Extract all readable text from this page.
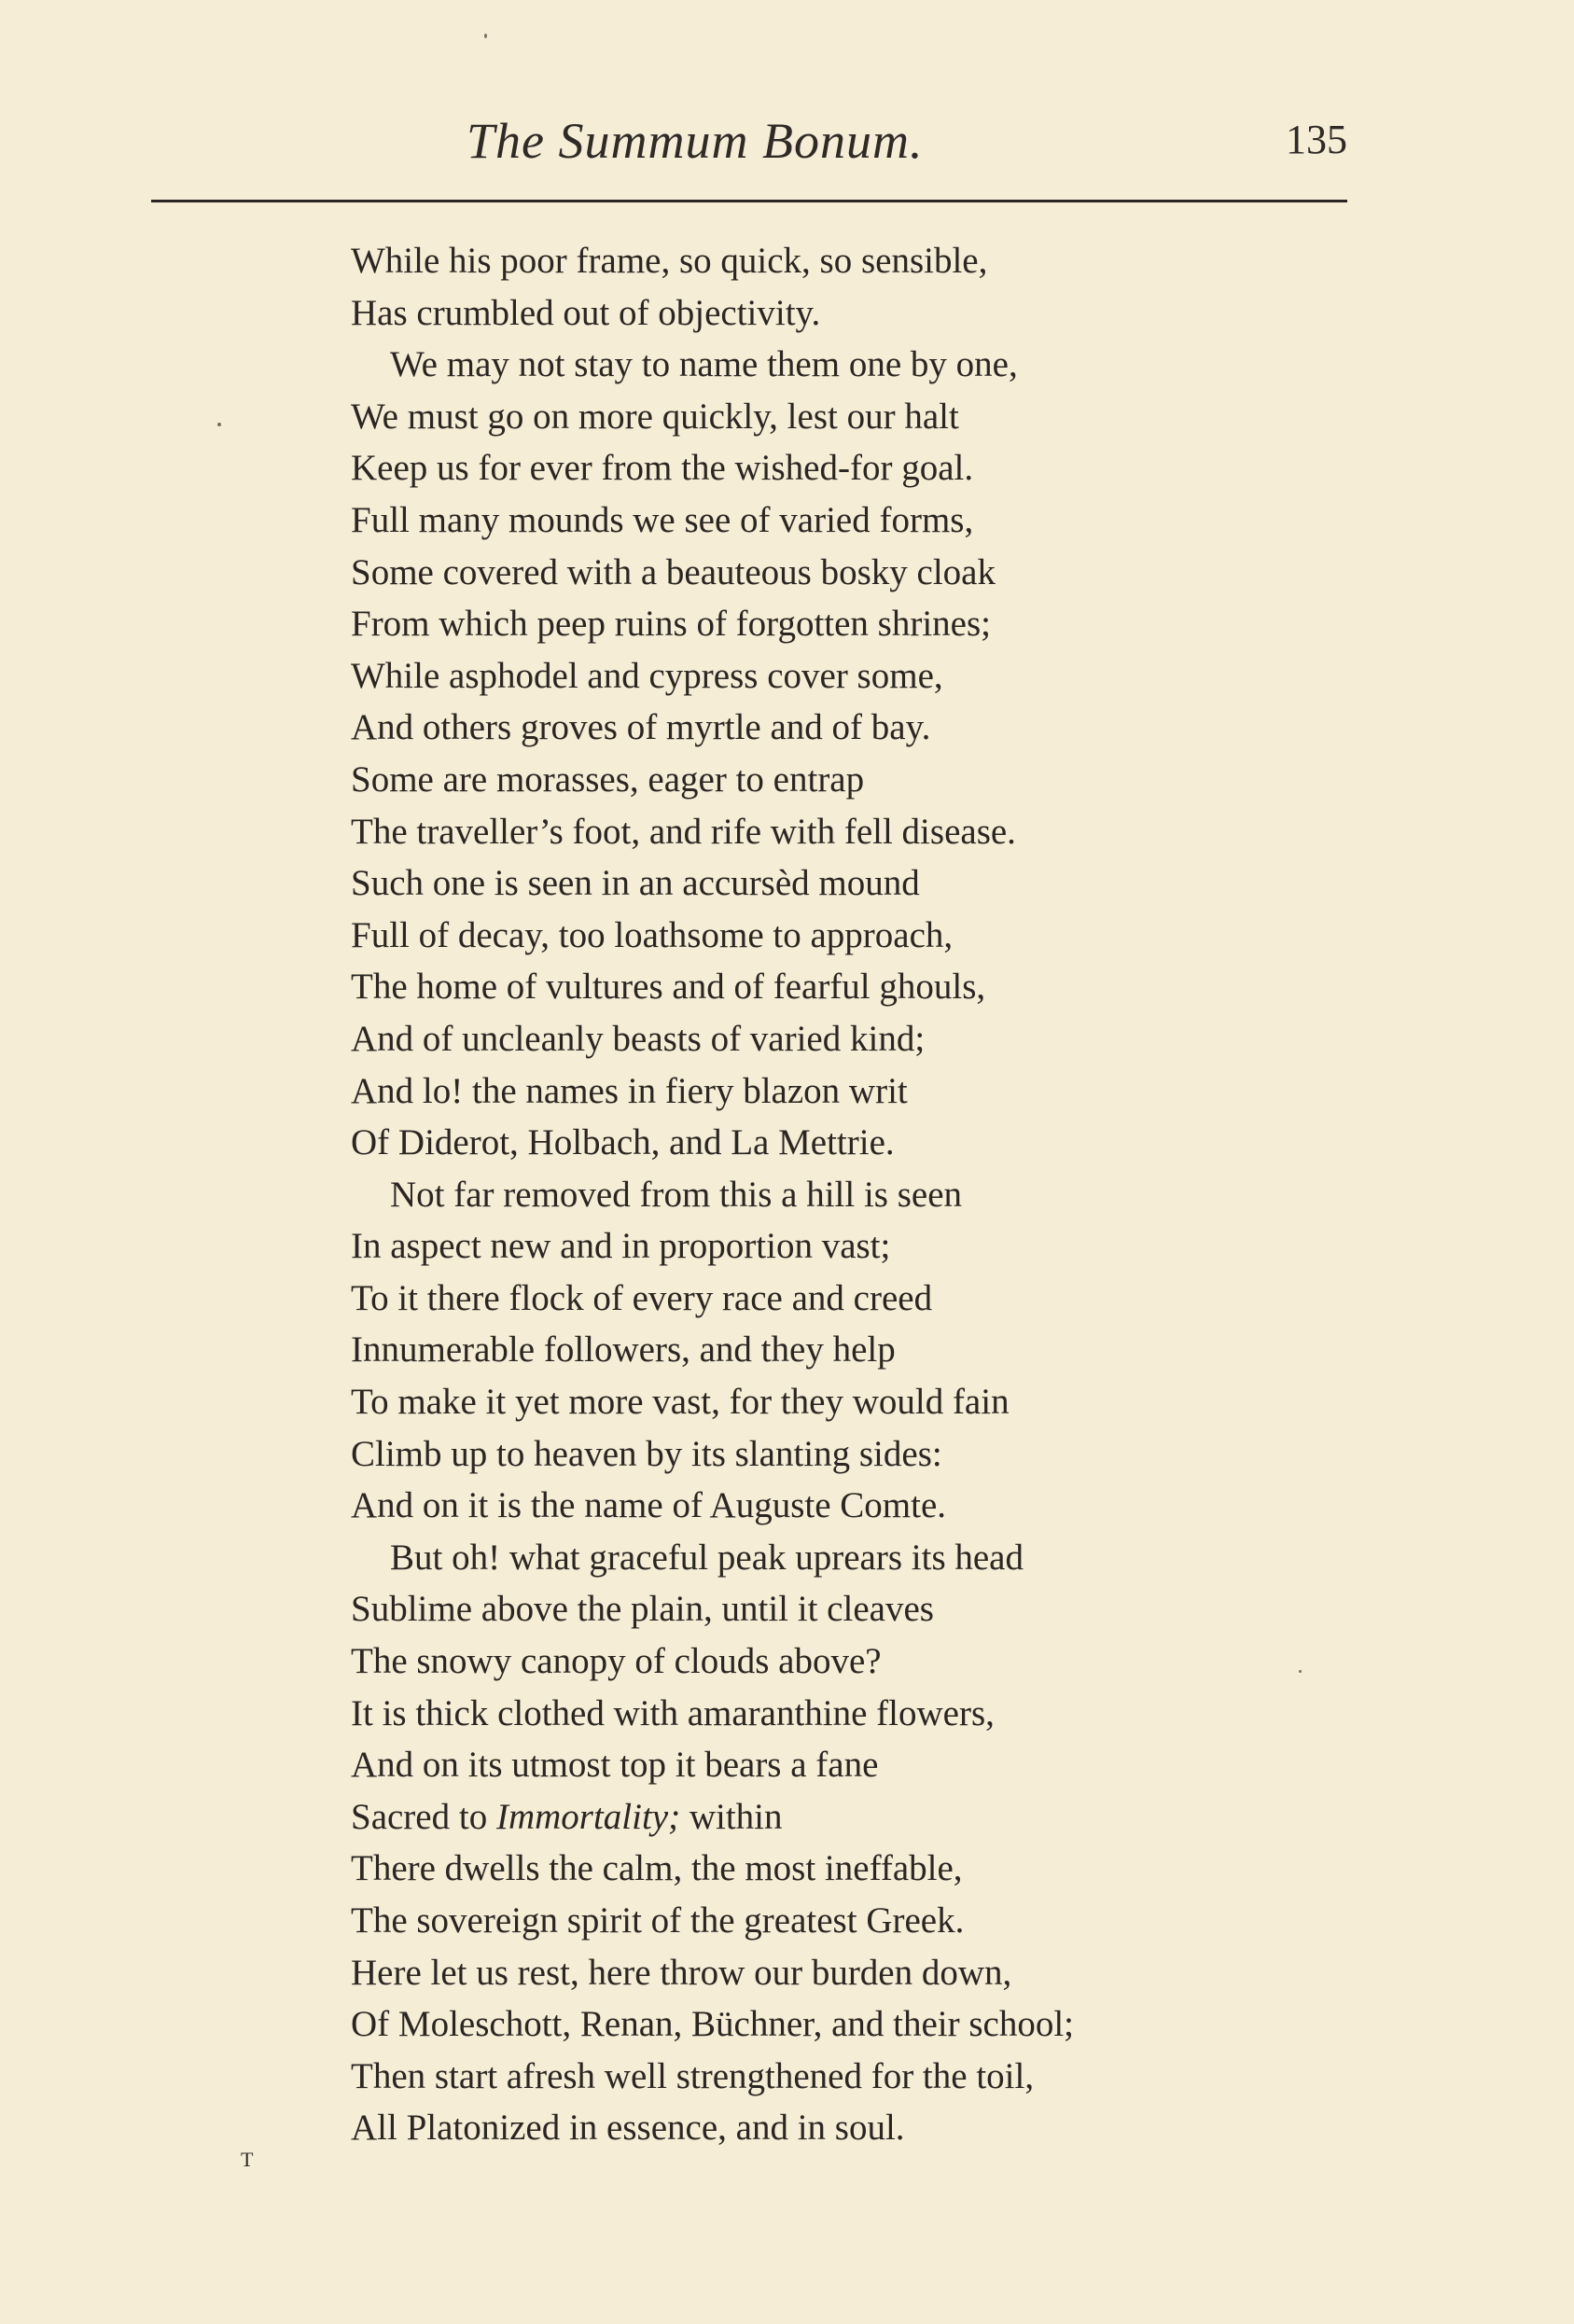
The Summum Bonum.	135
While his poor frame, so quick, so sensible,
Has crumbled out of objectivity.
We may not stay to name them one by one,
We must go on more quickly, lest our halt
Keep us for ever from the wished-for goal.
Full many mounds we see of varied forms,
Some covered with a beauteous bosky cloak
From which peep ruins of forgotten shrines;
While asphodel and cypress cover some,
And others groves of myrtle and of bay.
Some are morasses, eager to entrap
The traveller’s foot, and rife with fell disease.
Such one is seen in an accursèd mound
Full of decay, too loathsome to approach,
The home of vultures and of fearful ghouls,
And of uncleanly beasts of varied kind;
And lo! the names in fiery blazon writ
Of Diderot, Holbach, and La Mettrie.
Not far removed from this a hill is seen
In aspect new and in proportion vast;
To it there flock of every race and creed
Innumerable followers, and they help
To make it yet more vast, for they would fain
Climb up to heaven by its slanting sides:
And on it is the name of Auguste Comte.
But oh! what graceful peak uprears its head
Sublime above the plain, until it cleaves
The snowy canopy of clouds above?
It is thick clothed with amaranthine flowers,
And on its utmost top it bears a fane
Sacred to Immortality; within
There dwells the calm, the most ineffable,
The sovereign spirit of the greatest Greek.
Here let us rest, here throw our burden down,
Of Moleschott, Renan, Büchner, and their school;
Then start afresh well strengthened for the toil,
All Platonized in essence, and in soul.
T
